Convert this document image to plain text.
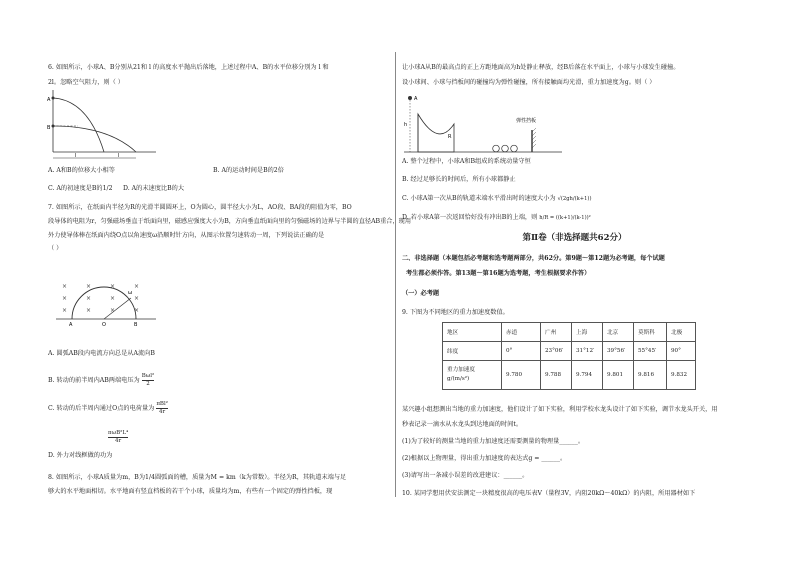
6. 如图所示，小球A、B分别从21和 l 的高度水平抛出后落地，上述过程中A、B的水平位移分别为 l 和
2l。忽略空气阻力，则（ ）
A
B
l	l
A. A和B的位移大小相等	B. A的运动时间是B的2倍
C. A的初速度是B的1/2 D. A的末速度比B的大
7. 如图所示，在纸面内半径为R的光滑半圆圆环上，O为圆心，圆半径大小为L，AO段、BA段的阻值为零，BO
段导体的电阻为r，匀强磁场垂直于纸面向里，磁感应强度大小为B，方向垂直纸面向里的匀强磁场的边界与半圆的直径AB重合，现用
外力使导体棒在纸面内绕O点以角速度ω沿顺时针方向，从图示位置匀速转动一周，下列说法正确的是
（ ）
×	×	×	×
×	×	×	×
×	×	×	×
ω
A	O	B
A. 圆弧AB段内电流方向总是从A流向B
B. 转动的前半周内AB两端电压为
Bωl²
2
C. 转动的后半周内通过O点的电荷量为
πBl²
4r
πωB²L⁴
4r
D. 外力对线框做的功为
8. 如图所示，小球A质量为m，B为1/4圆弧面的槽，质量为M = km（k为常数）。半径为R，其轨道末端与足
够大的水平地面相切。水平地面有竖直档板的若干个小球，质量均为m，有些有一个固定的弹性挡板，现
让小球A从B的最高点的正上方距地面高为h处静止释放，经B后落在水平面上，小球与小球发生碰撞。
设小球间、小球与挡板间的碰撞均为弹性碰撞，所有接触面均光滑，重力加速度为g。则（ ）
A
h
R
弹性挡板
A. 整个过程中，小球A和B组成的系统动量守恒
B. 经过足够长的时间后，所有小球都静止
C. 小球A第一次从B的轨道末端水平滑出时的速度大小为 √(2gh/(k+1))
D. 若小球A第一次返回恰好没有冲出B的上端，则 h/R = ((k+1)/(k-1))²
第Ⅱ卷（非选择题共62分）
二、非选择题（本题包括必考题和选考题两部分，共62分。第9题～第12题为必考题，每个试题
考生都必须作答。第13题～第16题为选考题，考生根据要求作答）
（一）必考题
9. 下图为不同地区的重力加速度数值。
地区	赤道	广州	上海	北京	莫斯科	北极
纬度	0°	23°06′	31°12′	39°56′	55°45′	90°

重力加速度
g/(m/s²)	9.780	9.788	9.794	9.801	9.816	9.832
某兴趣小组想测出当地的重力加速度，他们设计了如下实验，利用学校水龙头设计了如下实验，调节水龙头开关，用
秒表记录一滴水从水龙头到达地面的时间t。
(1)为了较好的测量当地的重力加速度还需要测量的物理量______。
(2)根据以上物理量，得出重力加速度的表达式g = ______。
(3)请写出一条减小误差的改进建议：______。
10. 某同学想用伏安法测定一块精度很高的电压表V（量程3V，内阻20kΩ～40kΩ）的内阻，所用器材如下
